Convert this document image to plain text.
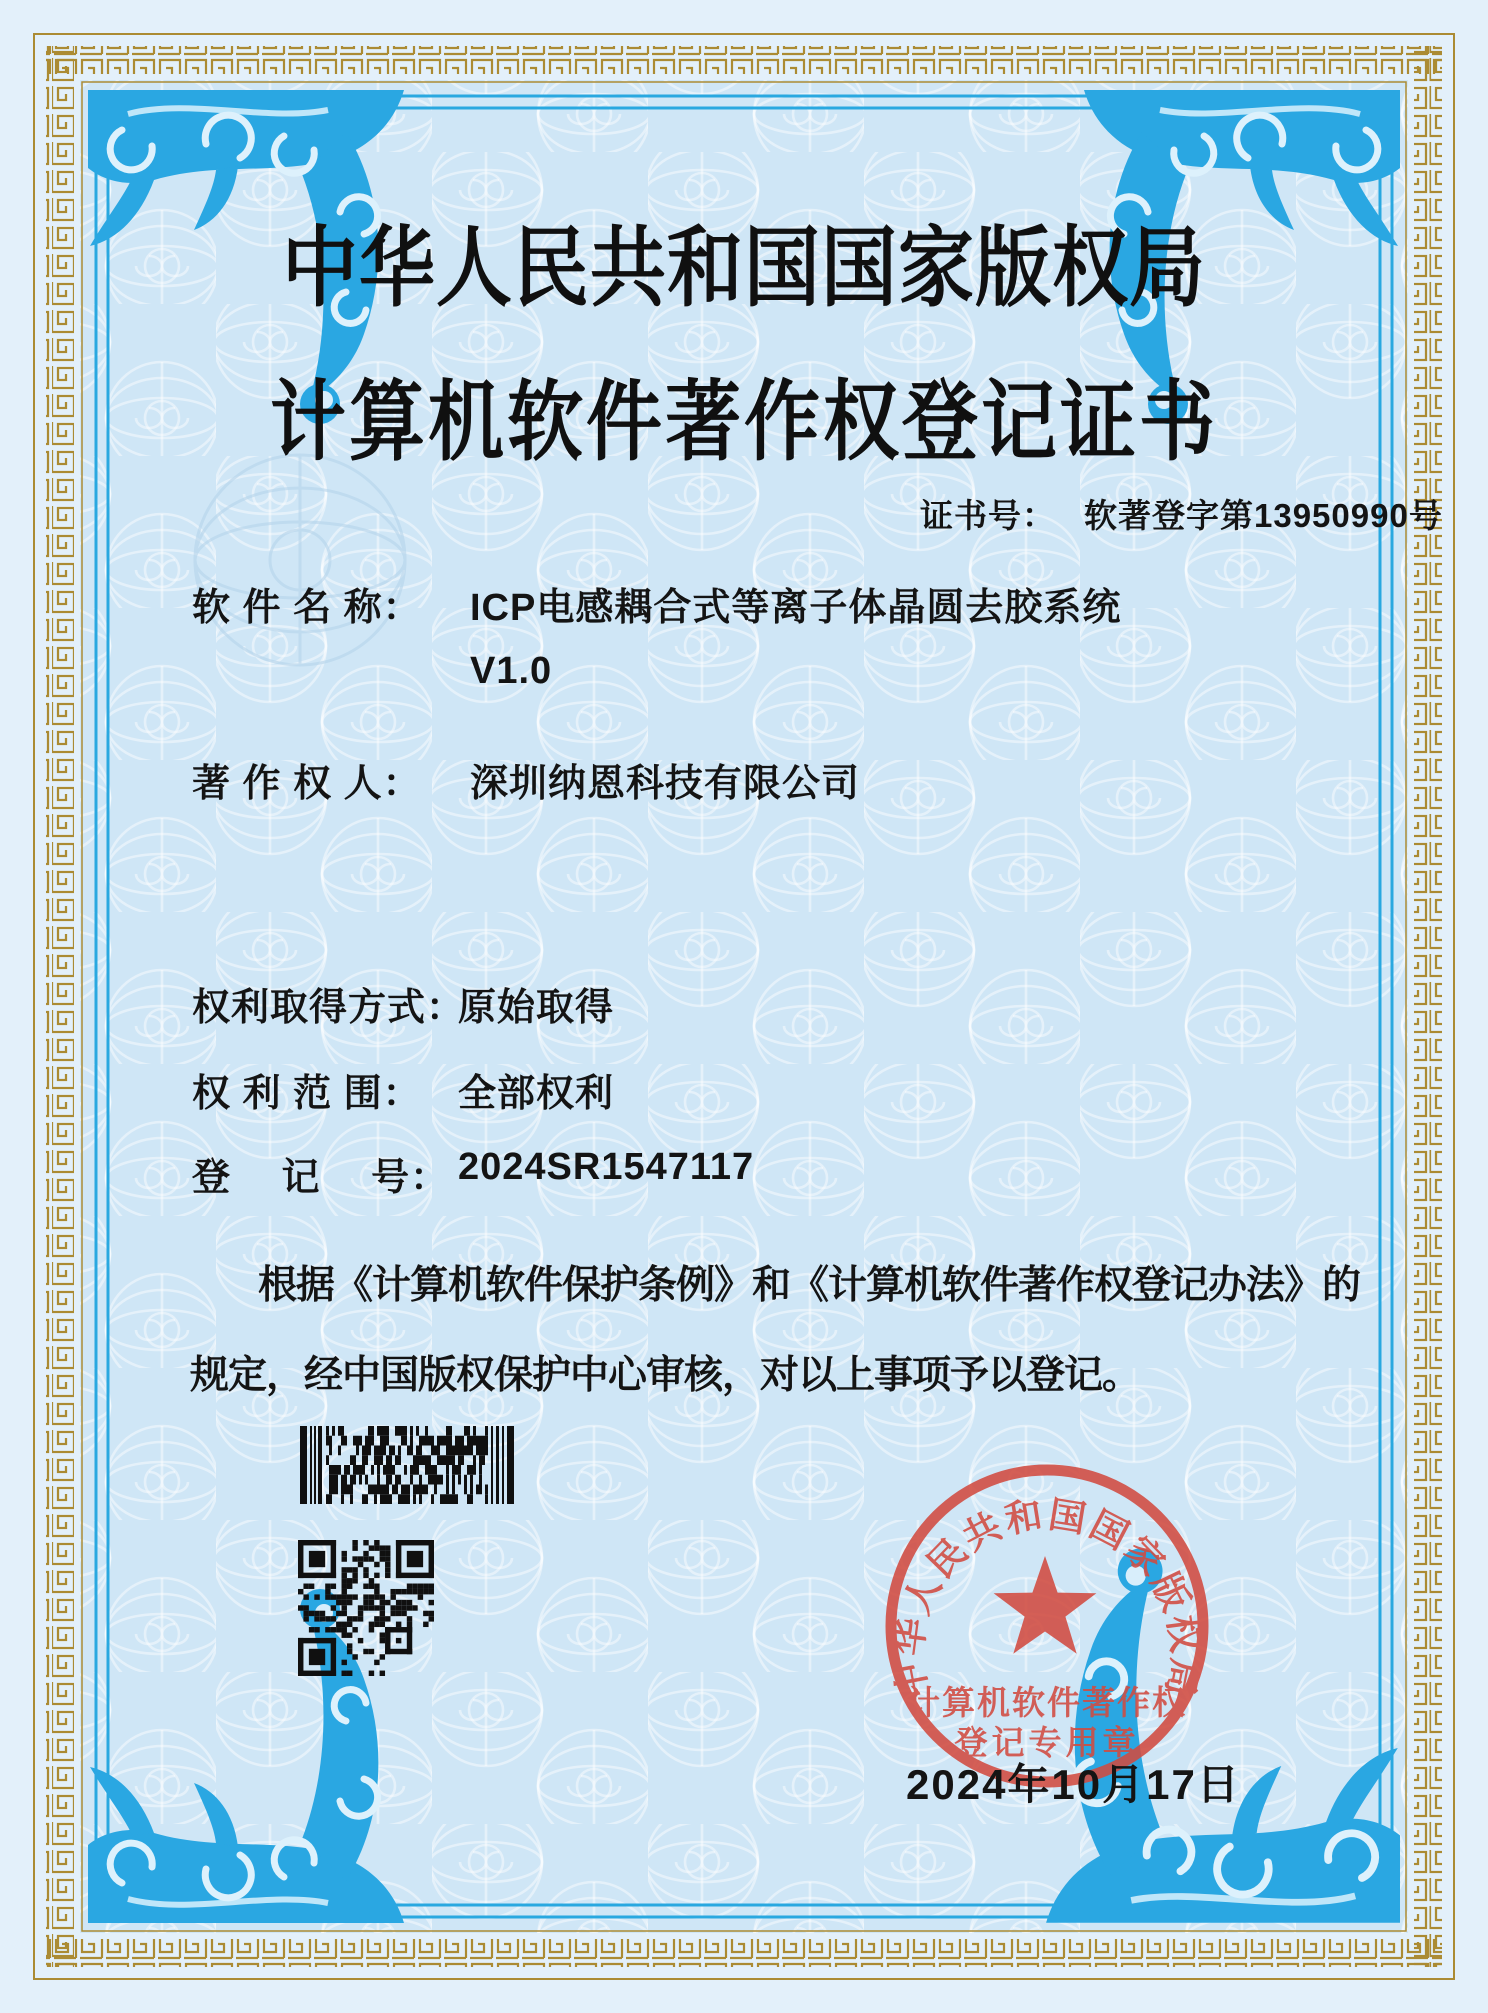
中华人民共和国国家版权局
计算机软件著作权登记证书
证书号： 软著登字第13950990号
软 件 名 称：	ICP电感耦合式等离子体晶圆去胶系统
V1.0
著 作 权 人：	深圳纳恩科技有限公司
权利取得方式：
原始取得
权 利 范 围： 全部权利
登　 记　 号： 2024SR1547117
根据《计算机软件保护条例》和《计算机软件著作权登记办法》的
规定，经中国版权保护中心审核，对以上事项予以登记。
中华人民共和国国家版权局
计算机软件著作权
登记专用章
2024年10月17日
